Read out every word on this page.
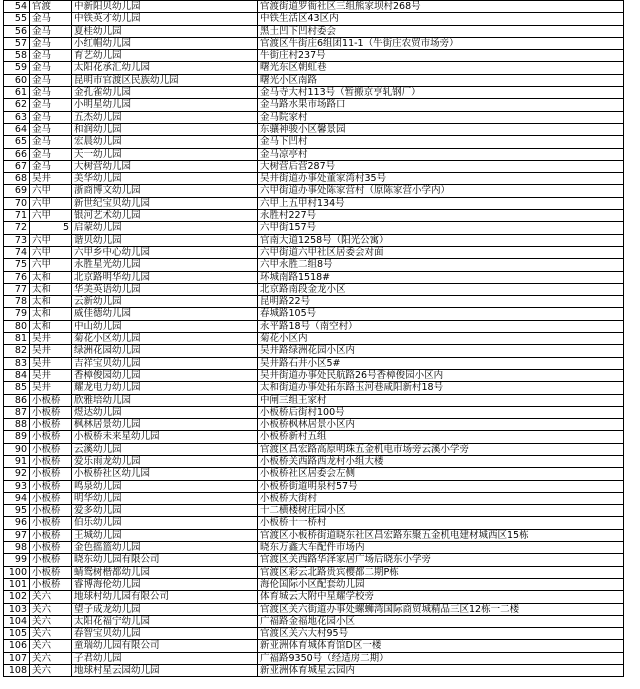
54	官渡	中新阳贝幼儿园	官渡街道罗衙社区三组熊家坝村268号
55	金马	中铁英才幼儿园	中铁生活区43区内
56	金马	夏桂幼儿园	黑土凹下凹村委会
57	金马	小红帽幼儿园	官渡区牛街庄6组团11-1（牛街庄农贸市场旁）
58	金马	育艺幼儿园	牛街庄村237号
59	金马	太阳花承汇幼儿园	曙光东区朝虹巷
60	金马	昆明市官渡区民族幼儿园	曙光小区南路
61	金马	金孔雀幼儿园	金马寺大村113号（暂搬京亨轧钢厂）
62	金马	小明星幼儿园	金马路水果市场路口
63	金马	五杰幼儿园	金马院家村
64	金马	和润幼儿园	东骧神骏小区馨景园
65	金马	宏晨幼儿园	金马下凹村
66	金马	天一幼儿园	金马凉亭村
67	金马	大树营幼儿园	大树营后营287号
68	吴井	美华幼儿园	吴井街道办事处董家湾村35号
69	六甲	浙商博文幼儿园	六甲街道办事处陈家营村（原陈家营小学内）
70	六甲	新世纪宝贝幼儿园	六甲上五甲村134号
71	六甲	银河艺术幼儿园	永胜村227号
72	5	启蒙幼儿园	六甲街157号
73	六甲	谐贝幼儿园	官南大道1258号（阳光公寓）
74	六甲	六甲乡中心幼儿园	六甲街道六甲社区居委会对面
75	六甲	永胜星光幼儿园	六甲永胜二组8号
76	太和	北京路明华幼儿园	环城南路1518#
77	太和	华美英语幼儿园	北京路南段金龙小区
78	太和	云新幼儿园	昆明路22号
79	太和	威佳德幼儿园	春城路105号
80	太和	中山幼儿园	永平路18号（南空村）
81	吴井	菊花小区幼儿园	菊花小区内
82	吴井	绿洲花园幼儿园	吴井路绿洲花园小区内
83	吴井	吉祥宝贝幼儿园	吴井路石井小区5#
84	吴井	香樟俊园幼儿园	吴井街道办事处民航路26号香樟俊园小区内
85	吴井	耀龙电力幼儿园	太和街道办事处拓东路玉河巷咸阳新村18号
86	小板桥	欣雅培幼儿园	中闸三组王家村
87	小板桥	煜达幼儿园	小板桥后街村100号
88	小板桥	枫林居景幼儿园	小板桥枫林居景小区内
89	小板桥	小板桥未来星幼儿园	小板桥新村五组
90	小板桥	云溪幼儿园	官渡区昌宏路高原明珠五金机电市场旁云溪小学旁
91	小板桥	爱乐雨龙幼儿园	小板桥关西路西龙村小组大楼
92	小板桥	小板桥社区幼儿园	小板桥社区居委会左侧
93	小板桥	鸣泉幼儿园	小板桥街道明泉村57号
94	小板桥	明华幼儿园	小板桥大街村
95	小板桥	爱多幼儿园	十二横楼树庄园小区
96	小板桥	伯乐幼儿园	小板桥十一桥村
97	小板桥	王城幼儿园	官渡区小板桥街道晓东社区昌宏路东聚五金机电建材城西区15栋
98	小板桥	金色摇篮幼儿园	晓东万鑫大车配件市场内
99	小板桥	晓东幼儿园有限公司	官渡区关西路华泽家居广场后晓东小学旁
100	小板桥	蜻鸳树楷都幼儿园	官渡区彩云北路贵宾樱都二期P栋
101	小板桥	睿博海伦幼儿园	海伦国际小区配套幼儿园
102	关六	地球村幼儿园有限公司	体育城云大附中星耀学校旁
103	关六	望子成龙幼儿园	官渡区关六街道办事处螺蛳湾国际商贸城精品三区12栋一二楼
104	关六	太阳花福宁幼儿园	广福路金福地花园小区
105	关六	春智宝贝幼儿园	官渡区关六大村95号
106	关六	童瑞幼儿园有限公司	新亚洲体育城体育馆D区一楼
107	关六	子君幼儿园	广福路9350号（经适房二期）
108	关六	地球村星云园幼儿园	新亚洲体育城星云园内
